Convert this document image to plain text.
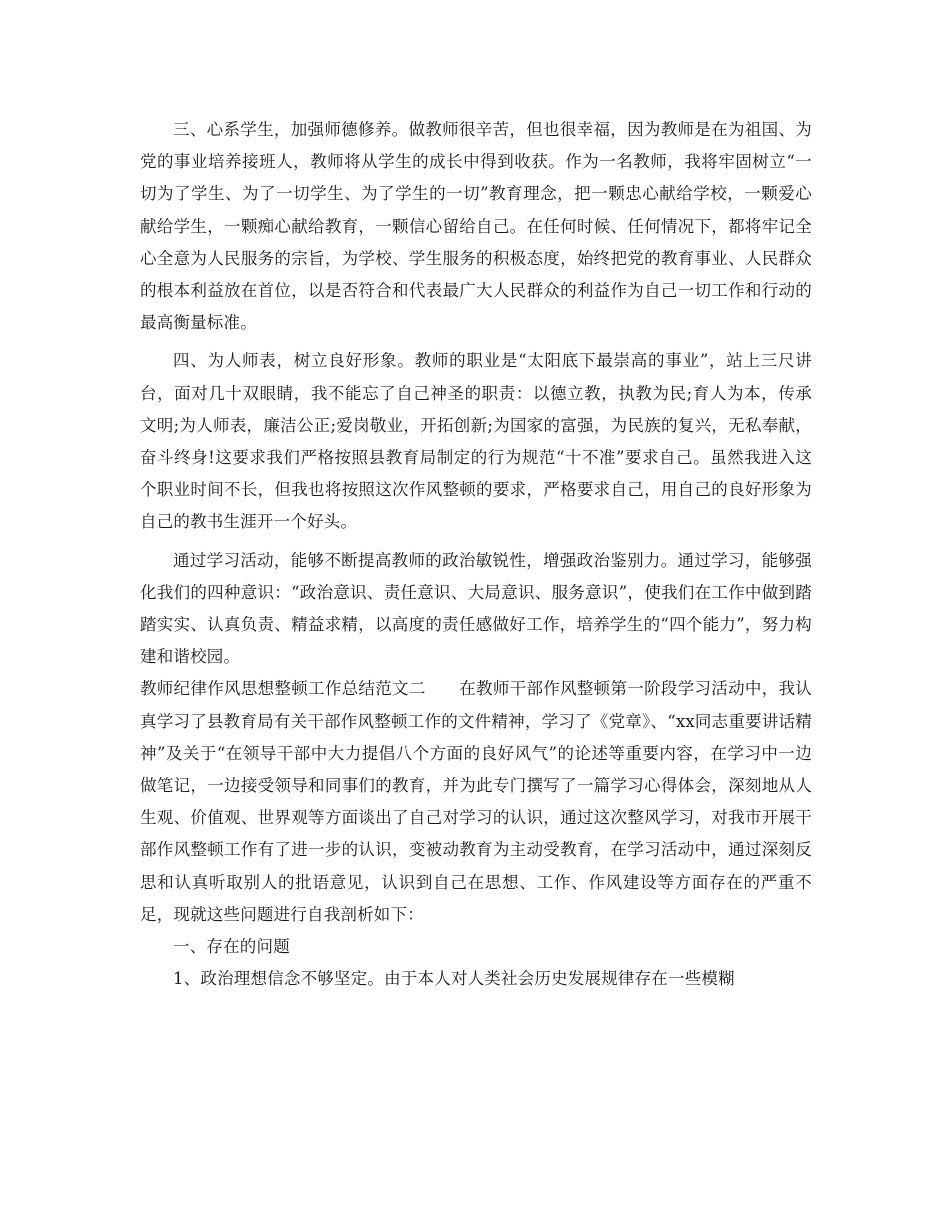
三、心系学生，加强师德修养。做教师很辛苦，但也很幸福，因为教师是在为祖国、为党的事业培养接班人，教师将从学生的成长中得到收获。作为一名教师，我将牢固树立“一切为了学生、为了一切学生、为了学生的一切”教育理念，把一颗忠心献给学校，一颗爱心献给学生，一颗痴心献给教育，一颗信心留给自己。在任何时候、任何情况下，都将牢记全心全意为人民服务的宗旨，为学校、学生服务的积极态度，始终把党的教育事业、人民群众的根本利益放在首位，以是否符合和代表最广大人民群众的利益作为自己一切工作和行动的最高衡量标准。

四、为人师表，树立良好形象。教师的职业是“太阳底下最崇高的事业”，站上三尺讲台，面对几十双眼睛，我不能忘了自己神圣的职责：以德立教，执教为民;育人为本，传承文明;为人师表，廉洁公正;爱岗敬业，开拓创新;为国家的富强，为民族的复兴，无私奉献，奋斗终身!这要求我们严格按照县教育局制定的行为规范“十不准”要求自己。虽然我进入这个职业时间不长，但我也将按照这次作风整顿的要求，严格要求自己，用自己的良好形象为自己的教书生涯开一个好头。

通过学习活动，能够不断提高教师的政治敏锐性，增强政治鉴别力。通过学习，能够强化我们的四种意识：“政治意识、责任意识、大局意识、服务意识”，使我们在工作中做到踏踏实实、认真负责、精益求精，以高度的责任感做好工作，培养学生的“四个能力”，努力构建和谐校园。

教师纪律作风思想整顿工作总结范文二　　在教师干部作风整顿第一阶段学习活动中，我认真学习了县教育局有关干部作风整顿工作的文件精神，学习了《党章》、“xx同志重要讲话精神”及关于“在领导干部中大力提倡八个方面的良好风气”的论述等重要内容，在学习中一边做笔记，一边接受领导和同事们的教育，并为此专门撰写了一篇学习心得体会，深刻地从人生观、价值观、世界观等方面谈出了自己对学习的认识，通过这次整风学习，对我市开展干部作风整顿工作有了进一步的认识，变被动教育为主动受教育，在学习活动中，通过深刻反思和认真听取别人的批语意见，认识到自己在思想、工作、作风建设等方面存在的严重不足，现就这些问题进行自我剖析如下：

一、存在的问题

1、政治理想信念不够坚定。由于本人对人类社会历史发展规律存在一些模糊
